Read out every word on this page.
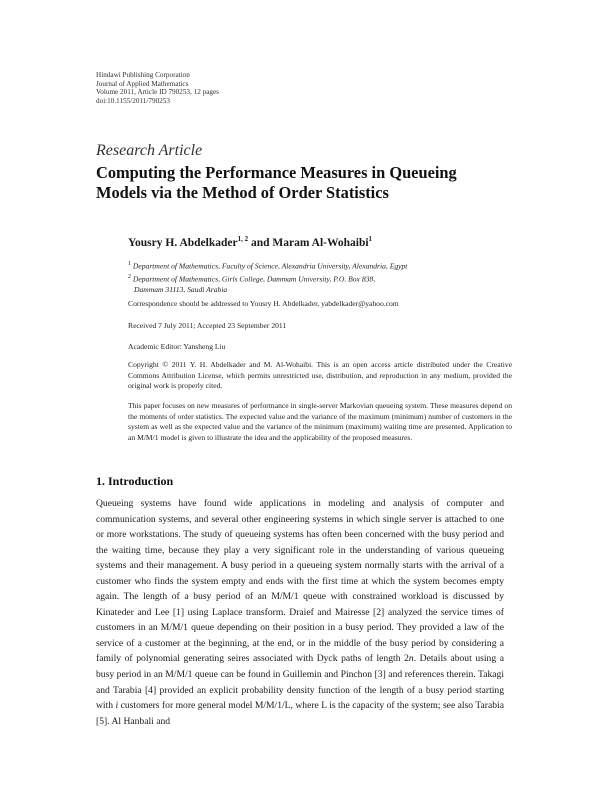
Hindawi Publishing Corporation
Journal of Applied Mathematics
Volume 2011, Article ID 790253, 12 pages
doi:10.1155/2011/790253
Research Article
Computing the Performance Measures in Queueing
Models via the Method of Order Statistics
Yousry H. Abdelkader$^{1, 2}$ and Maram Al-Wohaibi$^1$
$^1$ Department of Mathematics, Faculty of Science, Alexandria University, Alexandria, Egypt
$^2$ Department of Mathematics, Girls College, Dammam University, P.O. Box 838,
Dammam 31113, Saudi Arabia
Correspondence should be addressed to Yousry H. Abdelkader, yabdelkader@yahoo.com
Received 7 July 2011; Accepted 23 September 2011
Academic Editor: Yansheng Liu
Copyright © 2011 Y. H. Abdelkader and M. Al-Wohaibi. This is an open access article distributed under the Creative Commons Attribution License, which permits unrestricted use, distribution, and reproduction in any medium, provided the original work is properly cited.
This paper focuses on new measures of performance in single-server Markovian queueing system. These measures depend on the moments of order statistics. The expected value and the variance of the maximum (minimum) number of customers in the system as well as the expected value and the variance of the minimum (maximum) waiting time are presented. Application to an M/M/1 model is given to illustrate the idea and the applicability of the proposed measures.
1. Introduction
Queueing systems have found wide applications in modeling and analysis of computer and communication systems, and several other engineering systems in which single server is attached to one or more workstations. The study of queueing systems has often been concerned with the busy period and the waiting time, because they play a very significant role in the understanding of various queueing systems and their management. A busy period in a queueing system normally starts with the arrival of a customer who finds the system empty and ends with the first time at which the system becomes empty again. The length of a busy period of an M/M/1 queue with constrained workload is discussed by Kinateder and Lee [1] using Laplace transform. Draief and Mairesse [2] analyzed the service times of customers in an M/M/1 queue depending on their position in a busy period. They provided a law of the service of a customer at the beginning, at the end, or in the middle of the busy period by considering a family of polynomial generating seires associated with Dyck paths of length 2n. Details about using a busy period in an M/M/1 queue can be found in Guillemin and Pinchon [3] and references therein. Takagi and Tarabia [4] provided an explicit probability density function of the length of a busy period starting with i customers for more general model M/M/1/L, where L is the capacity of the system; see also Tarabia [5]. Al Hanbali and
